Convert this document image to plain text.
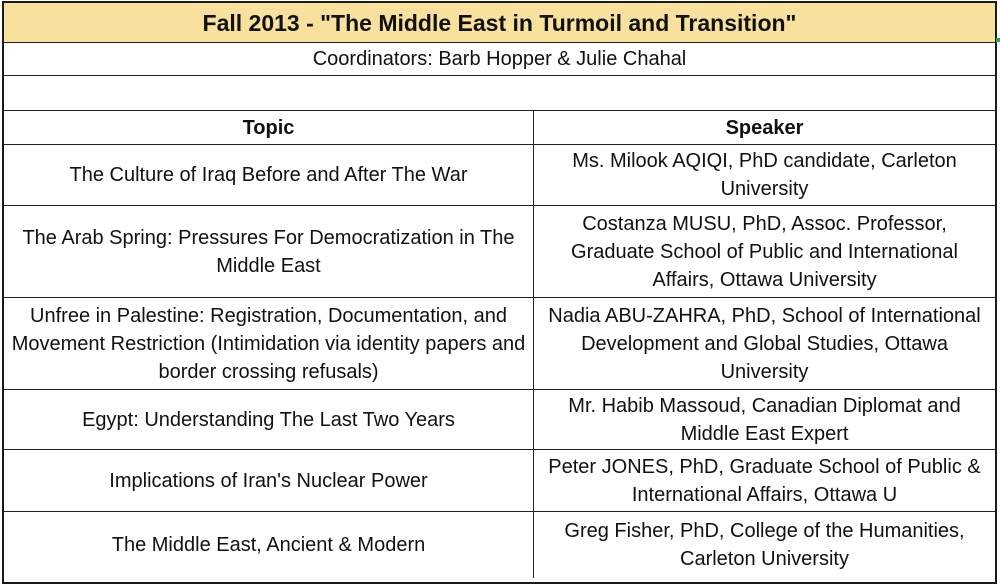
Fall 2013 - "The Middle East in Turmoil and Transition"
Coordinators: Barb Hopper & Julie Chahal
Topic	Speaker
The Culture of Iraq Before and After The War
Ms. Milook AQIQI, PhD candidate, Carleton University
The Arab Spring: Pressures For Democratization in The Middle East
Costanza MUSU, PhD, Assoc. Professor, Graduate School of Public and International Affairs, Ottawa University
Unfree in Palestine: Registration, Documentation, and Movement Restriction (Intimidation via identity papers and border crossing refusals)
Nadia ABU-ZAHRA, PhD, School of International Development and Global Studies, Ottawa University
Egypt: Understanding The Last Two Years
Mr. Habib Massoud, Canadian Diplomat and Middle East Expert
Implications of Iran's Nuclear Power
Peter JONES, PhD, Graduate School of Public & International Affairs, Ottawa U
The Middle East, Ancient & Modern
Greg Fisher, PhD, College of the Humanities, Carleton University
